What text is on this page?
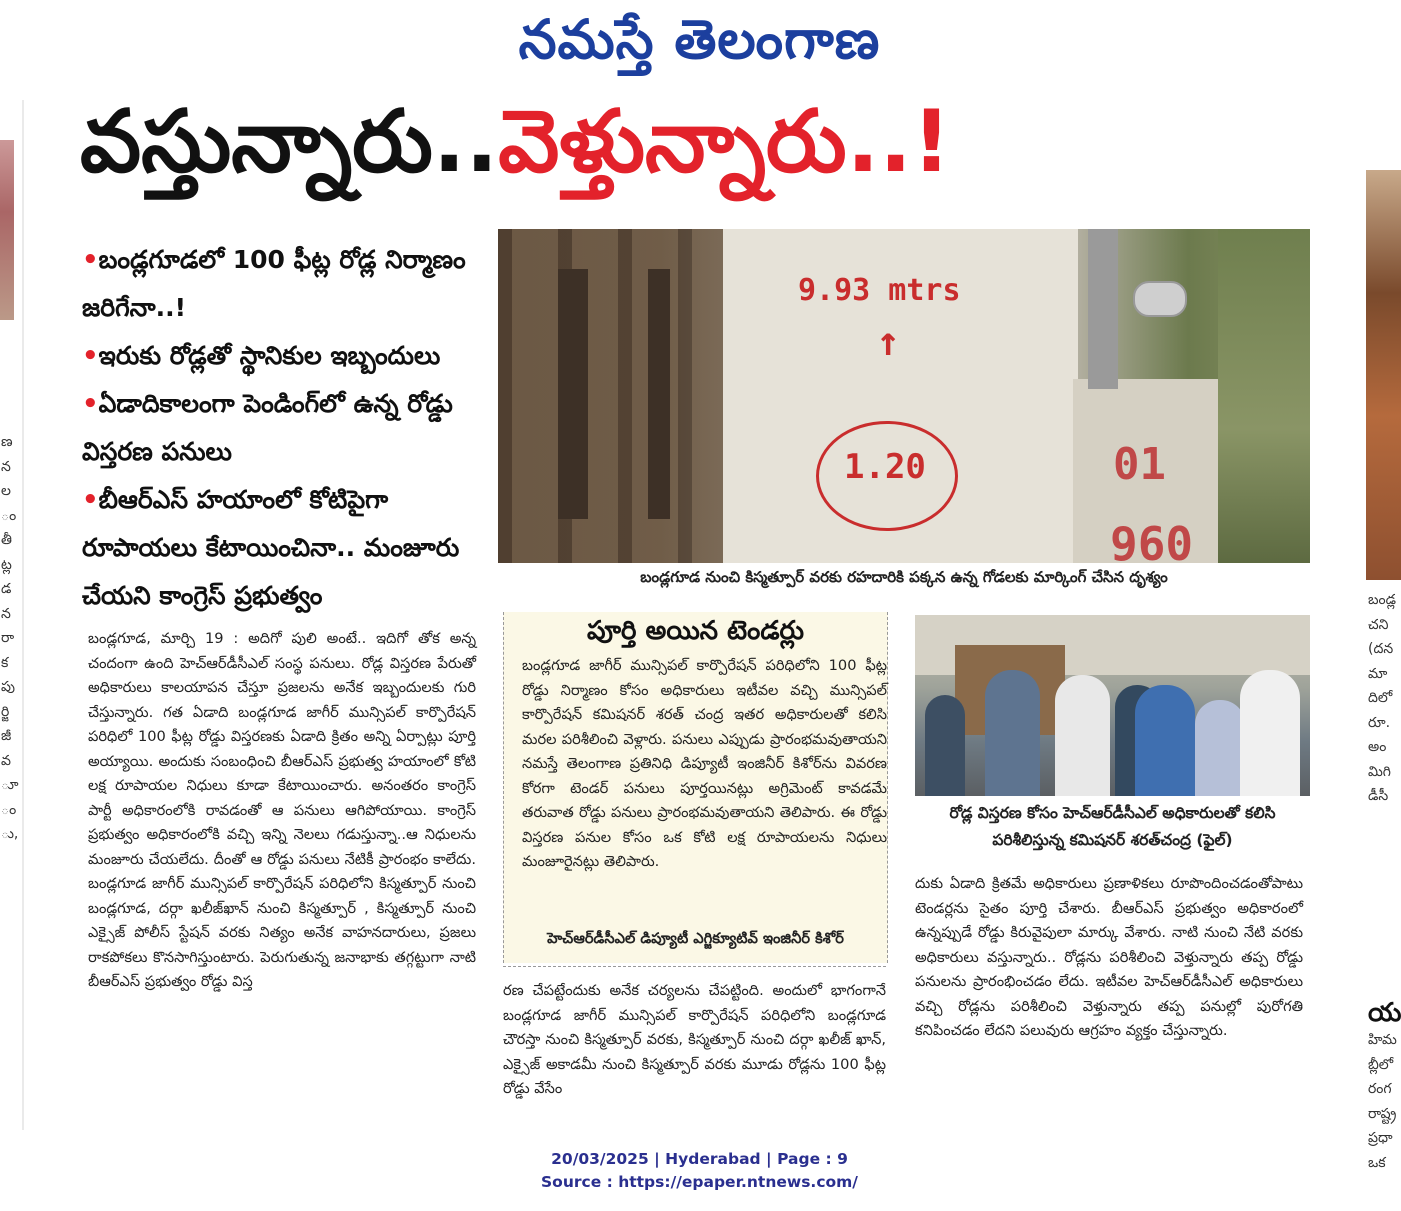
నమస్తే తెలంగాణ
ణ
న
ల
ం
తీ
ట్ల
డ
న
రా
క
పు
ర్జి
జీ
వ
ూ
ం
ు,
వస్తున్నారు..వెళ్తున్నారు..!
•బండ్లగూడలో 100 ఫీట్ల రోడ్ల నిర్మాణం జరిగేనా..!
•ఇరుకు రోడ్లతో స్థానికుల ఇబ్బందులు
•ఏడాదికాలంగా పెండింగ్‌లో ఉన్న రోడ్డు విస్తరణ పనులు
•బీఆర్‌ఎస్ హయాంలో కోటిపైగా రూపాయలు కేటాయించినా.. మంజూరు చేయని కాంగ్రెస్ ప్రభుత్వం
బండ్లగూడ, మార్చి 19 : అదిగో పులి అంటే.. ఇదిగో తోక అన్న చందంగా ఉంది హెచ్‌ఆర్‌డీసీఎల్ సంస్థ పనులు. రోడ్ల విస్తరణ పేరుతో అధికారులు కాలయాపన చేస్తూ ప్రజలను అనేక ఇబ్బందులకు గురి చేస్తున్నారు. గత ఏడాది బండ్లగూడ జాగీర్ మున్సిపల్ కార్పొరేషన్ పరిధిలో 100 ఫీట్ల రోడ్డు విస్తరణకు ఏడాది క్రితం అన్ని ఏర్పాట్లు పూర్తి అయ్యాయి. అందుకు సంబంధించి బీఆర్‌ఎస్ ప్రభుత్వ హయాంలో కోటి లక్ష రూపాయల నిధులు కూడా కేటాయించారు. అనంతరం కాంగ్రెస్ పార్టీ అధికారంలోకి రావడంతో ఆ పనులు ఆగిపోయాయి. కాంగ్రెస్ ప్రభుత్వం అధికారంలోకి వచ్చి ఇన్ని నెలలు గడుస్తున్నా..ఆ నిధులను మంజూరు చేయలేదు. దీంతో ఆ రోడ్డు పనులు నేటికీ ప్రారంభం కాలేదు. బండ్లగూడ జాగీర్ మున్సిపల్ కార్పొరేషన్ పరిధిలోని కిస్మత్పూర్ నుంచి బండ్లగూడ, దర్గా ఖలీజ్‌ఖాన్ నుంచి కిస్మత్పూర్ , కిస్మత్పూర్ నుంచి ఎక్సైజ్ పోలీస్ స్టేషన్ వరకు నిత్యం అనేక వాహనదారులు, ప్రజలు రాకపోకలు కొనసాగిస్తుంటారు. పెరుగుతున్న జనాభాకు తగ్గట్టుగా నాటి బీఆర్‌ఎస్ ప్రభుత్వం రోడ్డు విస్త
9.93 mtrs
↑
1.20	01
960
బండ్లగూడ నుంచి కిస్మత్పూర్ వరకు రహదారికి పక్కన ఉన్న గోడలకు మార్కింగ్ చేసిన దృశ్యం
పూర్తి అయిన టెండర్లు
బండ్లగూడ జాగీర్ మున్సిపల్ కార్పొరేషన్ పరిధిలోని 100 ఫీట్ల రోడ్డు నిర్మాణం కోసం అధికారులు ఇటీవల వచ్చి మున్సిపల్ కార్పొరేషన్ కమిషనర్ శరత్ చంద్ర ఇతర అధికారులతో కలిసి మరల పరిశీలించి వెళ్లారు. పనులు ఎప్పుడు ప్రారంభమవుతాయని నమస్తే తెలంగాణ ప్రతినిధి డిప్యూటీ ఇంజినీర్ కిశోర్‌ను వివరణ కోరగా టెండర్ పనులు పూర్తయినట్లు అగ్రిమెంట్ కావడమే తరువాత రోడ్డు పనులు ప్రారంభమవుతాయని తెలిపారు. ఈ రోడ్డు విస్తరణ పనుల కోసం ఒక కోటి లక్ష రూపాయలను నిధులు మంజూరైనట్లు తెలిపారు.
హెచ్‌ఆర్‌డీసీఎల్ డిప్యూటీ ఎగ్జిక్యూటివ్ ఇంజినీర్ కిశోర్
రణ చేపట్టేందుకు అనేక చర్యలను చేపట్టింది. అందులో భాగంగానే బండ్లగూడ జాగీర్ మున్సిపల్ కార్పొరేషన్ పరిధిలోని బండ్లగూడ చౌరస్తా నుంచి కిస్మత్పూర్ వరకు, కిస్మత్పూర్ నుంచి దర్గా ఖలీజ్ ఖాన్, ఎక్సైజ్ అకాడమీ నుంచి కిస్మత్పూర్ వరకు మూడు రోడ్లను 100 ఫీట్ల రోడ్డు వేసేం
రోడ్ల విస్తరణ కోసం హెచ్‌ఆర్‌డీసీఎల్ అధికారులతో కలిసి పరిశీలిస్తున్న కమిషనర్ శరత్‌చంద్ర (ఫైల్)
దుకు ఏడాది క్రితమే అధికారులు ప్రణాళికలు రూపొందించడంతోపాటు టెండర్లను సైతం పూర్తి చేశారు. బీఆర్‌ఎస్ ప్రభుత్వం అధికారంలో ఉన్నప్పుడే రోడ్డు కిరువైపులా మార్కు వేశారు. నాటి నుంచి నేటి వరకు అధికారులు వస్తున్నారు.. రోడ్లను పరిశీలించి వెళ్తున్నారు తప్ప రోడ్డు పనులను ప్రారంభించడం లేదు. ఇటీవల హెచ్‌ఆర్‌డీసీఎల్ అధికారులు వచ్చి రోడ్లను పరిశీలించి వెళ్తున్నారు తప్ప పనుల్లో పురోగతి కనిపించడం లేదని పలువురు ఆగ్రహం వ్యక్తం చేస్తున్నారు.
బండ్ల
చని
(దన
మా
దిలో
రూ.
అం
మిగి
డీసీ
య
హిమ
బ్లీలో
రంగ
రాష్ట్ర
ప్రధా
ఒక
20/03/2025 | Hyderabad | Page : 9
Source : https://epaper.ntnews.com/
